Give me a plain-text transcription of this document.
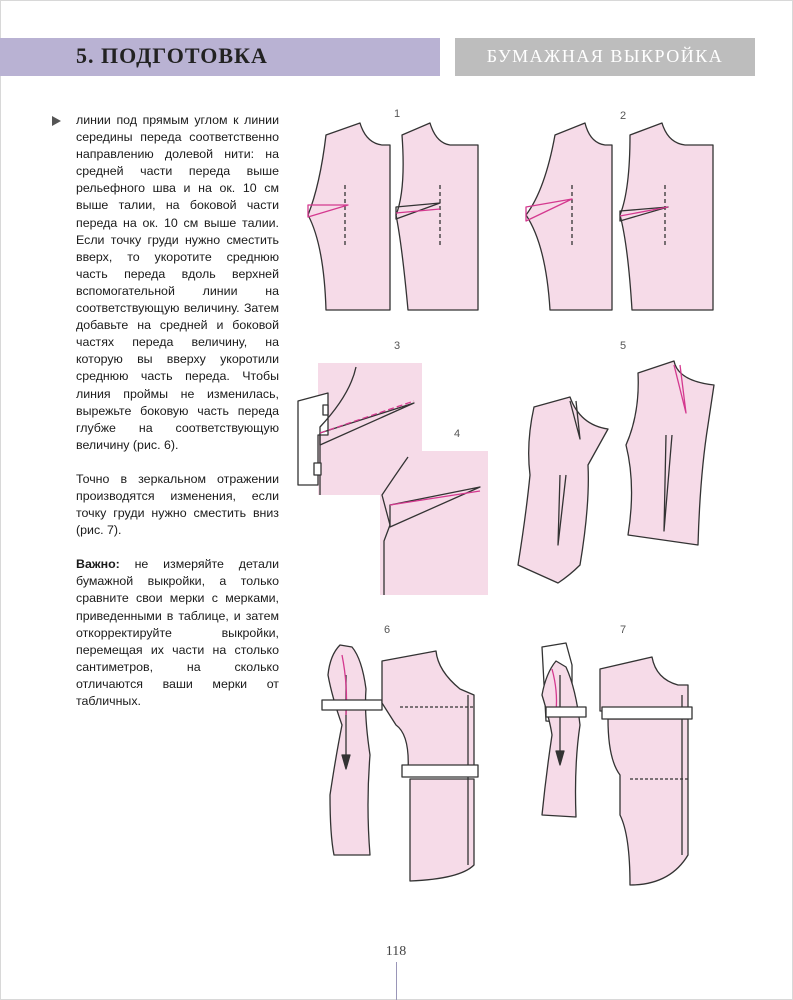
5. ПОДГОТОВКА	БУМАЖНАЯ ВЫКРОЙКА

линии под прямым углом к линии середины переда соответственно направлению долевой нити: на средней части переда выше рельефного шва и на ок. 10 см выше талии, на боковой части переда на ок. 10 см выше талии. Если точку груди нужно сместить вверх, то укоротите среднюю часть переда вдоль верхней вспомогательной линии на соответствующую величину. Затем добавьте на средней и боковой частях переда величину, на которую вы вверху укоротили среднюю часть переда. Чтобы линия проймы не изменилась, вырежьте боковую часть переда глубже на соответствующую величину (рис. 6).

Точно в зеркальном отражении производятся изменения, если точку груди нужно сместить вниз (рис. 7).

Важно: не измеряйте детали бумажной выкройки, а только сравните свои мерки с мерками, приведенными в таблице, и затем откорректируйте выкройки, перемещая их части на столько сантиметров, на сколько отличаются ваши мерки от табличных.

1	2
3
4
5
6	7
118
